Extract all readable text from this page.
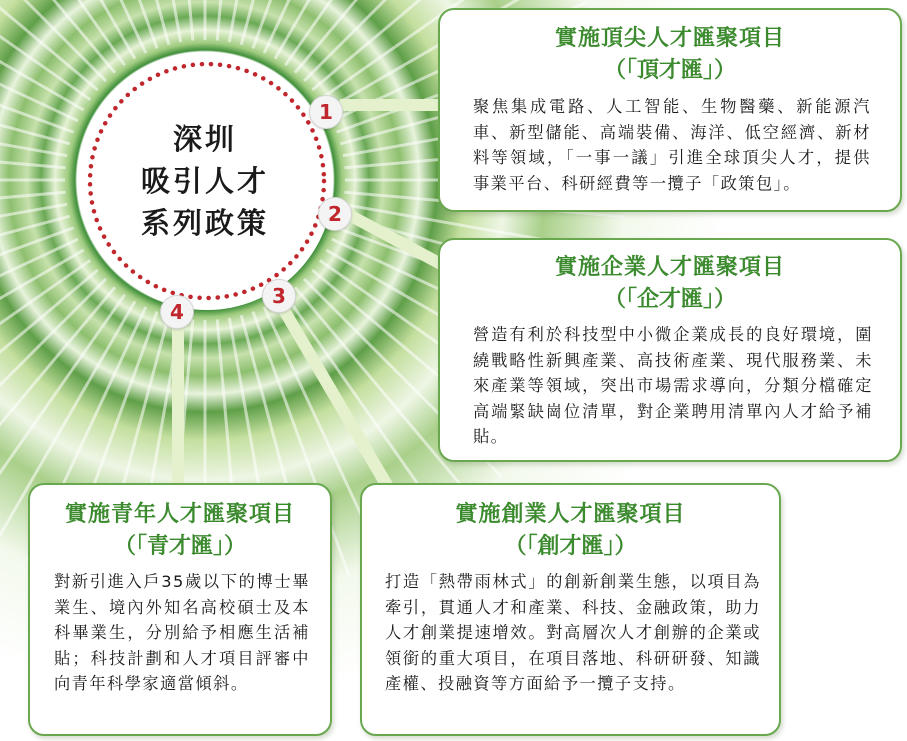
深圳
吸引人才
系列政策
1
2
3
4
實施頂尖人才匯聚項目
（「頂才匯」）
聚焦集成電路、人工智能、生物醫藥、新能源汽車、新型儲能、高端裝備、海洋、低空經濟、新材料等領域，「一事一議」引進全球頂尖人才，提供事業平台、科研經費等一攬子「政策包」。
實施企業人才匯聚項目
（「企才匯」）
營造有利於科技型中小微企業成長的良好環境，圍繞戰略性新興產業、高技術產業、現代服務業、未來產業等領域，突出市場需求導向，分類分檔確定高端緊缺崗位清單，對企業聘用清單內人才給予補貼。
實施創業人才匯聚項目
（「創才匯」）
打造「熱帶雨林式」的創新創業生態，以項目為牽引，貫通人才和產業、科技、金融政策，助力人才創業提速增效。對高層次人才創辦的企業或領銜的重大項目，在項目落地、科研研發、知識產權、投融資等方面給予一攬子支持。
實施青年人才匯聚項目
（「青才匯」）
對新引進入戶35歲以下的博士畢業生、境內外知名高校碩士及本科畢業生，分別給予相應生活補貼；科技計劃和人才項目評審中向青年科學家適當傾斜。
